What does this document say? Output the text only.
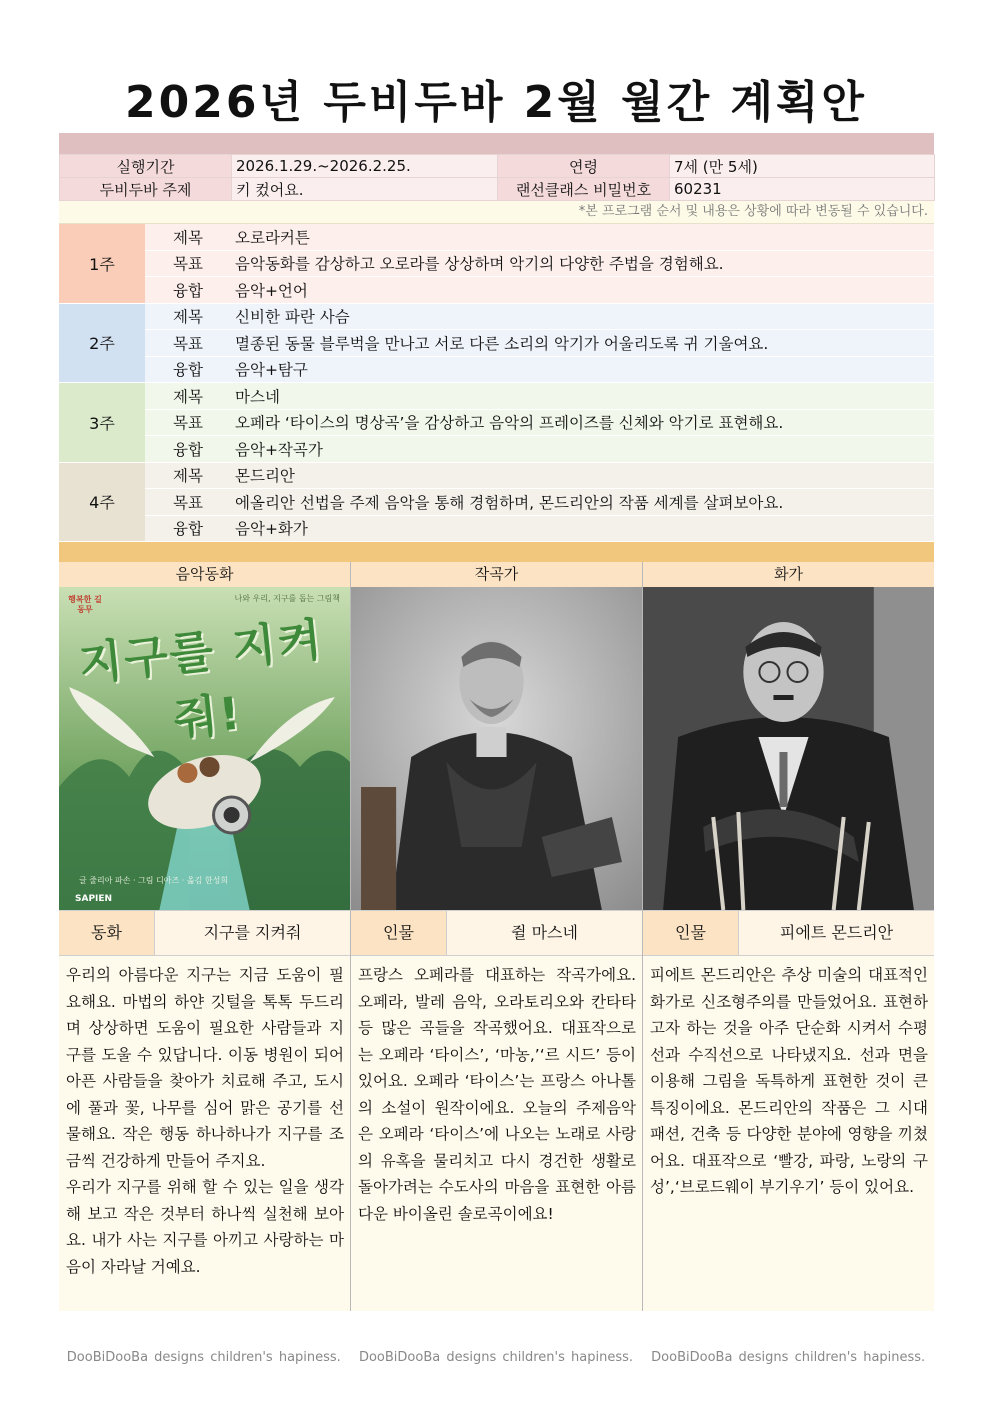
2026년 두비두바 2월 월간 계획안
실행기간	2026.1.29.~2026.2.25.	연령	7세 (만 5세)
두비두바 주제	키 컸어요.	랜선클래스 비밀번호	60231
*본 프로그램 순서 및 내용은 상황에 따라 변동될 수 있습니다.
1주	제목	오로라커튼
	목표	음악동화를 감상하고 오로라를 상상하며 악기의 다양한 주법을 경험해요.
	융합	음악+언어
2주	제목	신비한 파란 사슴
	목표	멸종된 동물 블루벅을 만나고 서로 다른 소리의 악기가 어울리도록 귀 기울여요.
	융합	음악+탐구
3주	제목	마스네
	목표	오페라 ‘타이스의 명상곡’을 감상하고 음악의 프레이즈를 신체와 악기로 표현해요.
	융합	음악+작곡가
4주	제목	몬드리안
	목표	에올리안 선법을 주제 음악을 통해 경험하며, 몬드리안의 작품 세계를 살펴보아요.
	융합	음악+화가
음악동화
행복한 길동무
나와 우리, 지구를 돕는 그림책
지구를 지켜줘!
글 줄리아 파손 · 그림 디아즈 · 옮김 한성희
SAPIEN
동화	지구를 지켜줘

우리의 아름다운 지구는 지금 도움이 필요해요. 마법의 하얀 깃털을 톡톡 두드리며 상상하면 도움이 필요한 사람들과 지구를 도울 수 있답니다. 이동 병원이 되어 아픈 사람들을 찾아가 치료해 주고, 도시에 풀과 꽃, 나무를 심어 맑은 공기를 선물해요. 작은 행동 하나하나가 지구를 조금씩 건강하게 만들어 주지요.

우리가 지구를 위해 할 수 있는 일을 생각해 보고 작은 것부터 하나씩 실천해 보아요. 내가 사는 지구를 아끼고 사랑하는 마음이 자라날 거예요.

작곡가
인물	쥘 마스네

프랑스 오페라를 대표하는 작곡가에요. 오페라, 발레 음악, 오라토리오와 칸타타 등 많은 곡들을 작곡했어요. 대표작으로는 오페라 ‘타이스’, ‘마농,’‘르 시드’ 등이 있어요. 오페라 ‘타이스’는 프랑스 아나톨의 소설이 원작이에요. 오늘의 주제음악은 오페라 ‘타이스’에 나오는 노래로 사랑의 유혹을 물리치고 다시 경건한 생활로 돌아가려는 수도사의 마음을 표현한 아름다운 바이올린 솔로곡이에요!

화가
인물	피에트 몬드리안

피에트 몬드리안은 추상 미술의 대표적인 화가로 신조형주의를 만들었어요. 표현하고자 하는 것을 아주 단순화 시켜서 수평선과 수직선으로 나타냈지요. 선과 면을 이용해 그림을 독특하게 표현한 것이 큰 특징이에요. 몬드리안의 작품은 그 시대 패션, 건축 등 다양한 분야에 영향을 끼쳤어요. 대표작으로 ‘빨강, 파랑, 노랑의 구성’,‘브로드웨이 부기우기’ 등이 있어요.

DooBiDooBa designs children's hapiness. DooBiDooBa designs children's hapiness. DooBiDooBa designs children's hapiness.
